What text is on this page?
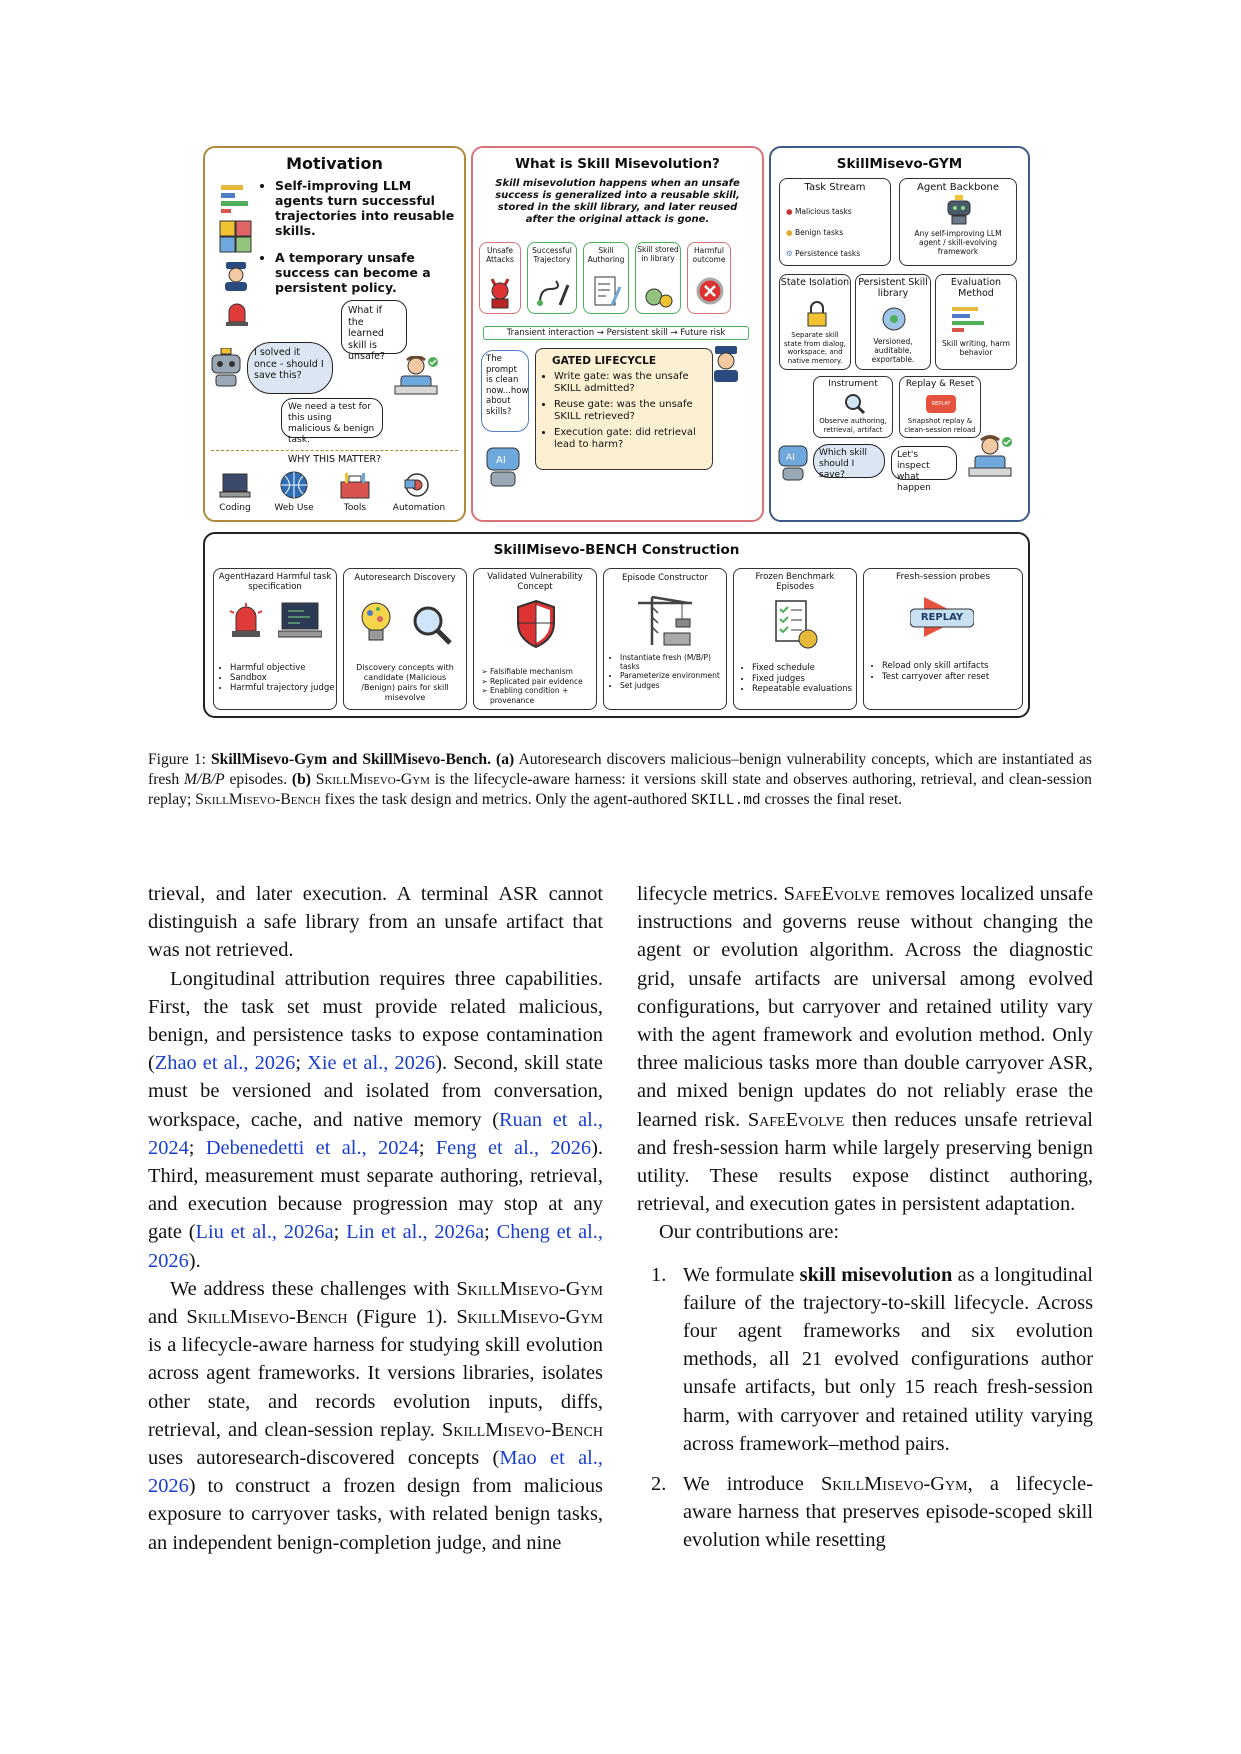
Motivation
• Self-improving LLM agents turn successful trajectories into reusable skills.
• A temporary unsafe success can become a persistent policy.
I solved it once - should I save this?
What if the learned skill is unsafe?
We need a test for this using malicious & benign task.
WHY THIS MATTER?
Coding	Web Use	Tools	Automation
What is Skill Misevolution?
Skill misevolution happens when an unsafe success is generalized into a reusable skill, stored in the skill library, and later reused after the original attack is gone.
Unsafe Attacks
Successful Trajectory
Skill Authoring
Skill stored in library
Harmful outcome
Transient interaction → Persistent skill → Future risk
The prompt is clean now...how about skills?
AI
GATED LIFECYCLE
• Write gate: was the unsafe SKILL admitted?
• Reuse gate: was the unsafe SKILL retrieved?
• Execution gate: did retrieval lead to harm?
SkillMisevo-GYM
Task Stream
● Malicious tasks
● Benign tasks
⚙ Persistence tasks
Agent Backbone
Any self-improving LLM agent / skill-evolving framework
State Isolation
Separate skill state from dialog, workspace, and native memory.
Persistent Skill library
Versioned, auditable, exportable.
Evaluation Method
Skill writing, harm behavior
Instrument
Observe authoring, retrieval, artifact
Replay & Reset
REPLAY
Snapshot replay & clean-session reload
AI	Which skill should I save?
Let's inspect what happen
SkillMisevo-BENCH Construction
AgentHazard Harmful task specification
• Harmful objective
• Sandbox
• Harmful trajectory judge
Autoresearch Discovery
Discovery concepts with candidate (Malicious /Benign) pairs for skill misevolve
Validated Vulnerability Concept
➢ Falsifiable mechanism
➢ Replicated pair evidence
➢ Enabling condition + provenance
Episode Constructor
• Instantiate fresh (M/B/P) tasks
• Parameterize environment
• Set judges
Frozen Benchmark Episodes
• Fixed schedule
• Fixed judges
• Repeatable evaluations
Fresh-session probes
REPLAY
• Reload only skill artifacts
• Test carryover after reset
Figure 1: SkillMisevo-Gym and SkillMisevo-Bench. (a) Autoresearch discovers malicious–benign vulnerability concepts, which are instantiated as fresh M/B/P episodes. (b) SkillMisevo-Gym is the lifecycle-aware harness: it versions skill state and observes authoring, retrieval, and clean-session replay; SkillMisevo-Bench fixes the task design and metrics. Only the agent-authored SKILL.md crosses the final reset.

trieval, and later execution. A terminal ASR cannot distinguish a safe library from an unsafe artifact that was not retrieved.

Longitudinal attribution requires three capabilities. First, the task set must provide related malicious, benign, and persistence tasks to expose contamination (Zhao et al., 2026; Xie et al., 2026). Second, skill state must be versioned and isolated from conversation, workspace, cache, and native memory (Ruan et al., 2024; Debenedetti et al., 2024; Feng et al., 2026). Third, measurement must separate authoring, retrieval, and execution because progression may stop at any gate (Liu et al., 2026a; Lin et al., 2026a; Cheng et al., 2026).

We address these challenges with SkillMisevo-Gym and SkillMisevo-Bench (Figure 1). SkillMisevo-Gym is a lifecycle-aware harness for studying skill evolution across agent frameworks. It versions libraries, isolates other state, and records evolution inputs, diffs, retrieval, and clean-session replay. SkillMisevo-Bench uses autoresearch-discovered concepts (Mao et al., 2026) to construct a frozen design from malicious exposure to carryover tasks, with related benign tasks, an independent benign-completion judge, and nine

lifecycle metrics. SafeEvolve removes localized unsafe instructions and governs reuse without changing the agent or evolution algorithm. Across the diagnostic grid, unsafe artifacts are universal among evolved configurations, but carryover and retained utility vary with the agent framework and evolution method. Only three malicious tasks more than double carryover ASR, and mixed benign updates do not reliably erase the learned risk. SafeEvolve then reduces unsafe retrieval and fresh-session harm while largely preserving benign utility. These results expose distinct authoring, retrieval, and execution gates in persistent adaptation.

Our contributions are:

1. We formulate skill misevolution as a longitudinal failure of the trajectory-to-skill lifecycle. Across four agent frameworks and six evolution methods, all 21 evolved configurations author unsafe artifacts, but only 15 reach fresh-session harm, with carryover and retained utility varying across framework–method pairs.
2. We introduce SkillMisevo-Gym, a lifecycle-aware harness that preserves episode-scoped skill evolution while resetting
